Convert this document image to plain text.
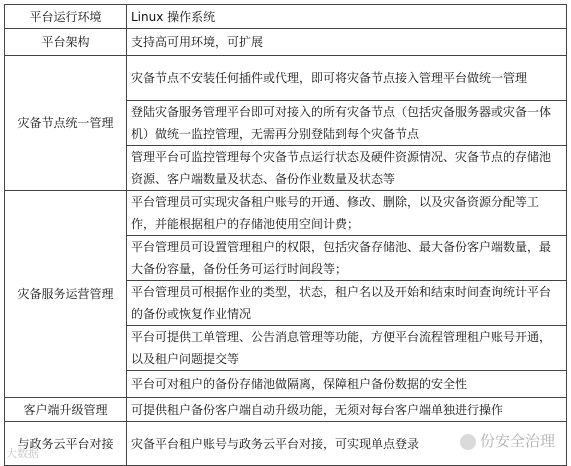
平台运行环境	Linux 操作系统
平台架构	支持高可用环境，可扩展
灾备节点统一管理	灾备节点不安装任何插件或代理，即可将灾备节点接入管理平台做统一管理
	登陆灾备服务管理平台即可对接入的所有灾备节点（包括灾备服务器或灾备一体机）做统一监控管理，无需再分别登陆到每个灾备节点
	管理平台可监控管理每个灾备节点运行状态及硬件资源情况、灾备节点的存储池资源、客户端数量及状态、备份作业数量及状态等
灾备服务运营管理	平台管理员可实现灾备租户账号的开通、修改、删除，以及灾备资源分配等工作，并能根据租户的存储池使用空间计费；
	平台管理员可设置管理租户的权限，包括灾备存储池、最大备份客户端数量，最大备份容量，备份任务可运行时间段等；
	平台管理员可根据作业的类型，状态，租户名以及开始和结束时间查询统计平台的备份或恢复作业情况
	平台可提供工单管理、公告消息管理等功能，方便平台流程管理租户账号开通，以及租户问题提交等
	平台可对租户的备份存储池做隔离，保障租户备份数据的安全性
客户端升级管理	可提供租户备份客户端自动升级功能，无须对每台客户端单独进行操作
与政务云平台对接	灾备平台租户账号与政务云平台对接，可实现单点登录	份安全治理
大数据
